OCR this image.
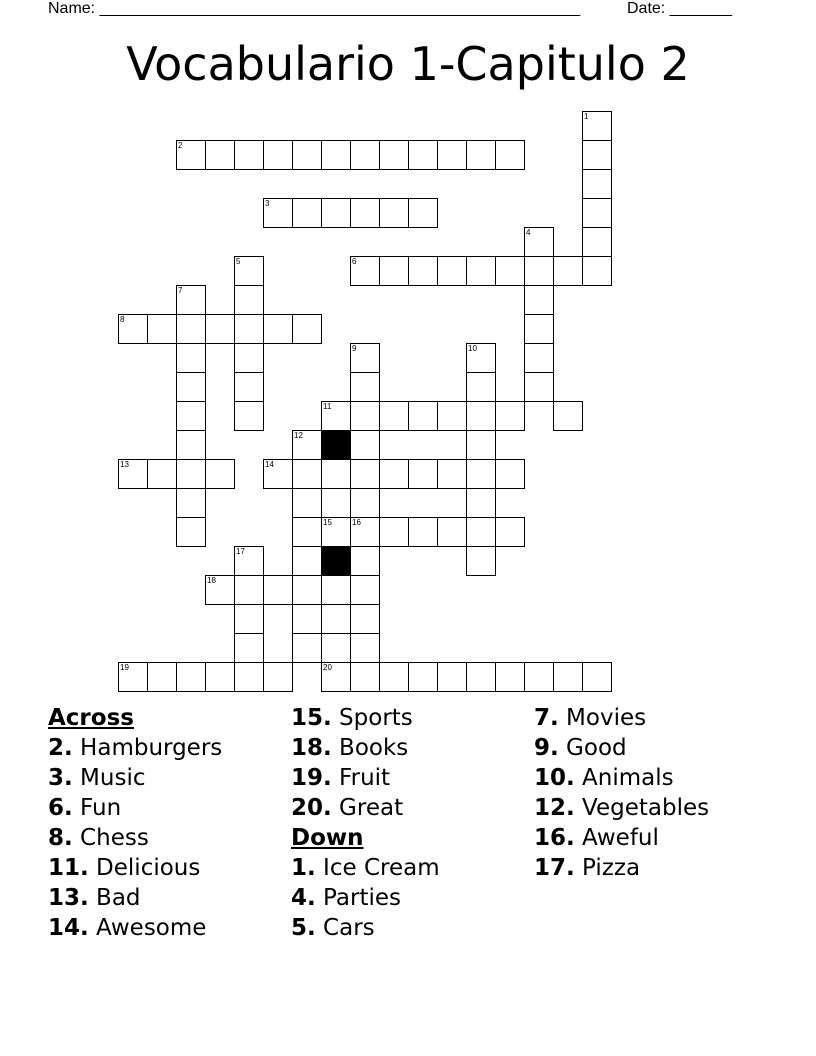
Name: ______________________________________________________	Date: _______
Vocabulario 1-Capitulo 2
1
2
3
4
6
5
7
8
9
16
10
11
12
13	14
15
17
18
19	20
Across
2. Hamburgers
3. Music
6. Fun
8. Chess
11. Delicious
13. Bad
14. Awesome
15. Sports
18. Books
19. Fruit
20. Great
Down
1. Ice Cream
4. Parties
5. Cars
7. Movies
9. Good
10. Animals
12. Vegetables
16. Aweful
17. Pizza
